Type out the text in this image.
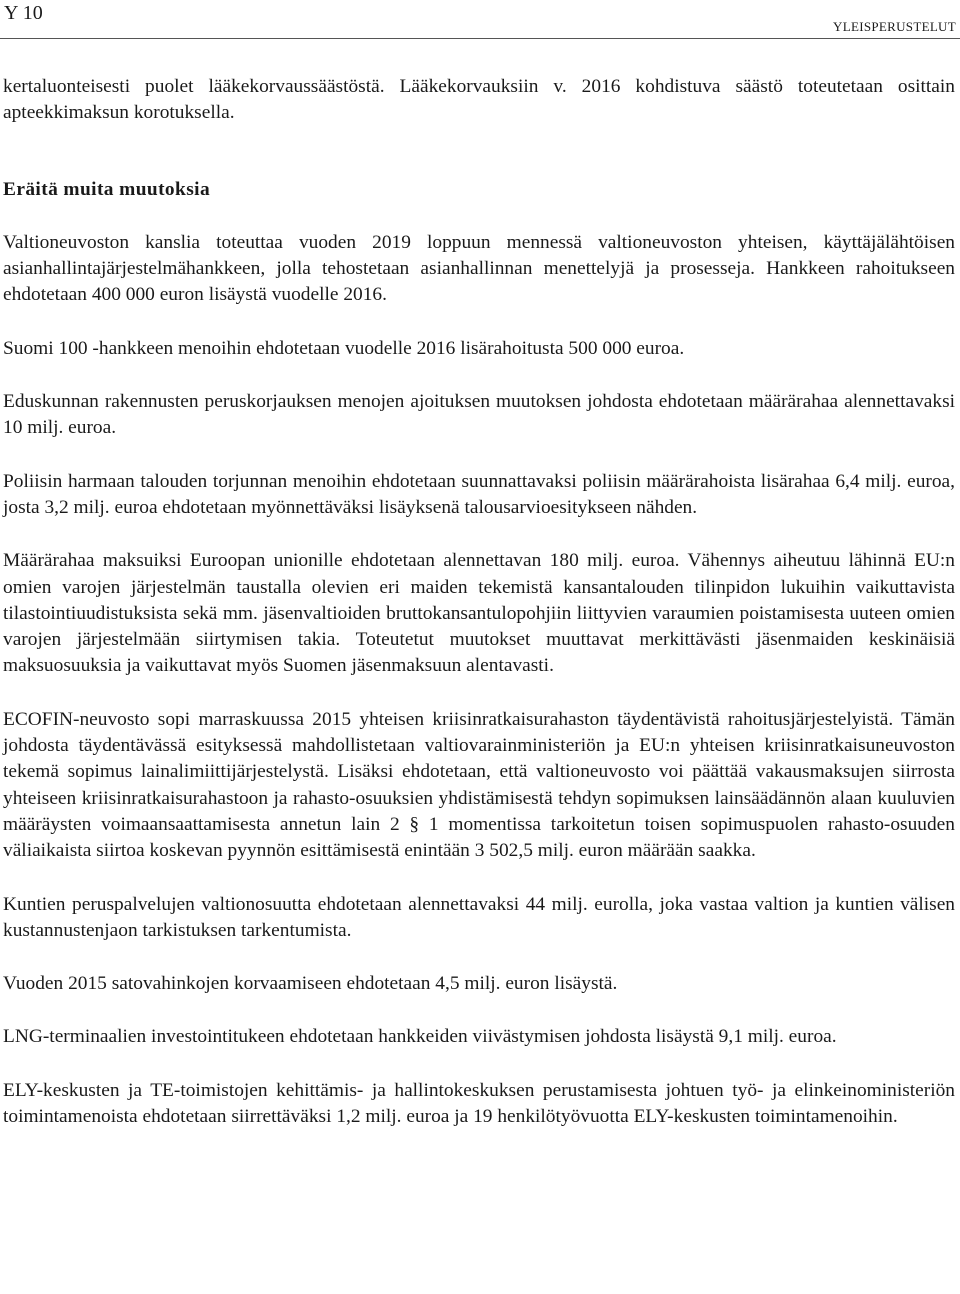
Y 10
YLEISPERUSTELUT

kertaluonteisesti puolet lääkekorvaussäästöstä. Lääkekorvauksiin v. 2016 kohdistuva säästö toteutetaan osittain apteekkimaksun korotuksella.

Eräitä muita muutoksia

Valtioneuvoston kanslia toteuttaa vuoden 2019 loppuun mennessä valtioneuvoston yhteisen, käyttäjälähtöisen asianhallintajärjestelmähankkeen, jolla tehostetaan asianhallinnan menettelyjä ja prosesseja. Hankkeen rahoitukseen ehdotetaan 400 000 euron lisäystä vuodelle 2016.

Suomi 100 -hankkeen menoihin ehdotetaan vuodelle 2016 lisärahoitusta 500 000 euroa.

Eduskunnan rakennusten peruskorjauksen menojen ajoituksen muutoksen johdosta ehdotetaan määrärahaa alennettavaksi 10 milj. euroa.

Poliisin harmaan talouden torjunnan menoihin ehdotetaan suunnattavaksi poliisin määrärahoista lisärahaa 6,4 milj. euroa, josta 3,2 milj. euroa ehdotetaan myönnettäväksi lisäyksenä talousarvioesitykseen nähden.

Määrärahaa maksuiksi Euroopan unionille ehdotetaan alennettavan 180 milj. euroa. Vähennys aiheutuu lähinnä EU:n omien varojen järjestelmän taustalla olevien eri maiden tekemistä kansantalouden tilinpidon lukuihin vaikuttavista tilastointiuudistuksista sekä mm. jäsenvaltioiden bruttokansantulopohjiin liittyvien varaumien poistamisesta uuteen omien varojen järjestelmään siirtymisen takia. Toteutetut muutokset muuttavat merkittävästi jäsenmaiden keskinäisiä maksuosuuksia ja vaikuttavat myös Suomen jäsenmaksuun alentavasti.

ECOFIN-neuvosto sopi marraskuussa 2015 yhteisen kriisinratkaisurahaston täydentävistä rahoitusjärjestelyistä. Tämän johdosta täydentävässä esityksessä mahdollistetaan valtiovarainministeriön ja EU:n yhteisen kriisinratkaisuneuvoston tekemä sopimus lainalimiittijärjestelystä. Lisäksi ehdotetaan, että valtioneuvosto voi päättää vakausmaksujen siirrosta yhteiseen kriisinratkaisurahastoon ja rahasto-osuuksien yhdistämisestä tehdyn sopimuksen lainsäädännön alaan kuuluvien määräysten voimaansaattamisesta annetun lain 2 § 1 momentissa tarkoitetun toisen sopimuspuolen rahasto-osuuden väliaikaista siirtoa koskevan pyynnön esittämisestä enintään 3 502,5 milj. euron määrään saakka.

Kuntien peruspalvelujen valtionosuutta ehdotetaan alennettavaksi 44 milj. eurolla, joka vastaa valtion ja kuntien välisen kustannustenjaon tarkistuksen tarkentumista.

Vuoden 2015 satovahinkojen korvaamiseen ehdotetaan 4,5 milj. euron lisäystä.

LNG-terminaalien investointitukeen ehdotetaan hankkeiden viivästymisen johdosta lisäystä 9,1 milj. euroa.

ELY-keskusten ja TE-toimistojen kehittämis- ja hallintokeskuksen perustamisesta johtuen työ- ja elinkeinoministeriön toimintamenoista ehdotetaan siirrettäväksi 1,2 milj. euroa ja 19 henkilötyövuotta ELY-keskusten toimintamenoihin.
